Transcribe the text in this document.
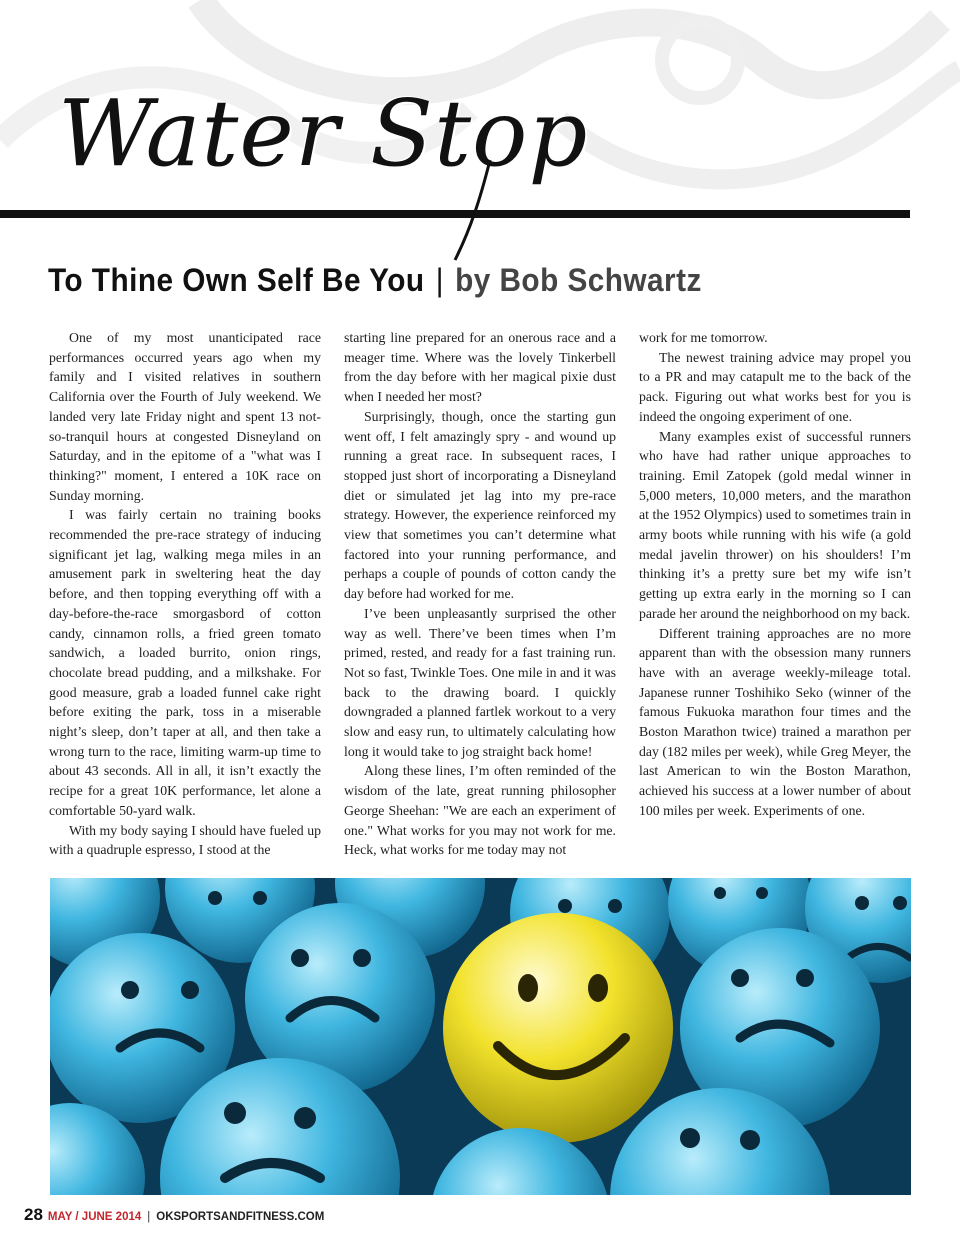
Water Stop
To Thine Own Self Be You | by Bob Schwartz

One of my most unanticipated race performances occurred years ago when my family and I visited relatives in southern California over the Fourth of July weekend. We landed very late Friday night and spent 13 not-so-tranquil hours at congested Disneyland on Saturday, and in the epitome of a "what was I thinking?" moment, I entered a 10K race on Sunday morning.

I was fairly certain no training books recommended the pre-race strategy of inducing significant jet lag, walking mega miles in an amusement park in sweltering heat the day before, and then topping everything off with a day-before-the-race smorgasbord of cotton candy, cinnamon rolls, a fried green tomato sandwich, a loaded burrito, onion rings, chocolate bread pudding, and a milkshake. For good measure, grab a loaded funnel cake right before exiting the park, toss in a miserable night’s sleep, don’t taper at all, and then take a wrong turn to the race, limiting warm-up time to about 43 seconds. All in all, it isn’t exactly the recipe for a great 10K performance, let alone a comfortable 50-yard walk.

With my body saying I should have fueled up with a quadruple espresso, I stood at the

starting line prepared for an onerous race and a meager time. Where was the lovely Tinkerbell from the day before with her magical pixie dust when I needed her most?

Surprisingly, though, once the starting gun went off, I felt amazingly spry - and wound up running a great race. In subsequent races, I stopped just short of incorporating a Disneyland diet or simulated jet lag into my pre-race strategy. However, the experience reinforced my view that sometimes you can’t determine what factored into your running performance, and perhaps a couple of pounds of cotton candy the day before had worked for me.

I’ve been unpleasantly surprised the other way as well. There’ve been times when I’m primed, rested, and ready for a fast training run. Not so fast, Twinkle Toes. One mile in and it was back to the drawing board. I quickly downgraded a planned fartlek workout to a very slow and easy run, to ultimately calculating how long it would take to jog straight back home!

Along these lines, I’m often reminded of the wisdom of the late, great running philosopher George Sheehan: "We are each an experiment of one." What works for you may not work for me. Heck, what works for me today may not

work for me tomorrow.

The newest training advice may propel you to a PR and may catapult me to the back of the pack. Figuring out what works best for you is indeed the ongoing experiment of one.

Many examples exist of successful runners who have had rather unique approaches to training. Emil Zatopek (gold medal winner in 5,000 meters, 10,000 meters, and the marathon at the 1952 Olympics) used to sometimes train in army boots while running with his wife (a gold medal javelin thrower) on his shoulders! I’m thinking it’s a pretty sure bet my wife isn’t getting up extra early in the morning so I can parade her around the neighborhood on my back.

Different training approaches are no more apparent than with the obsession many runners have with an average weekly-mileage total. Japanese runner Toshihiko Seko (winner of the famous Fukuoka marathon four times and the Boston Marathon twice) trained a marathon per day (182 miles per week), while Greg Meyer, the last American to win the Boston Marathon, achieved his success at a lower number of about 100 miles per week. Experiments of one.

28 MAY / JUNE 2014 | OKSPORTSANDFITNESS.COM
